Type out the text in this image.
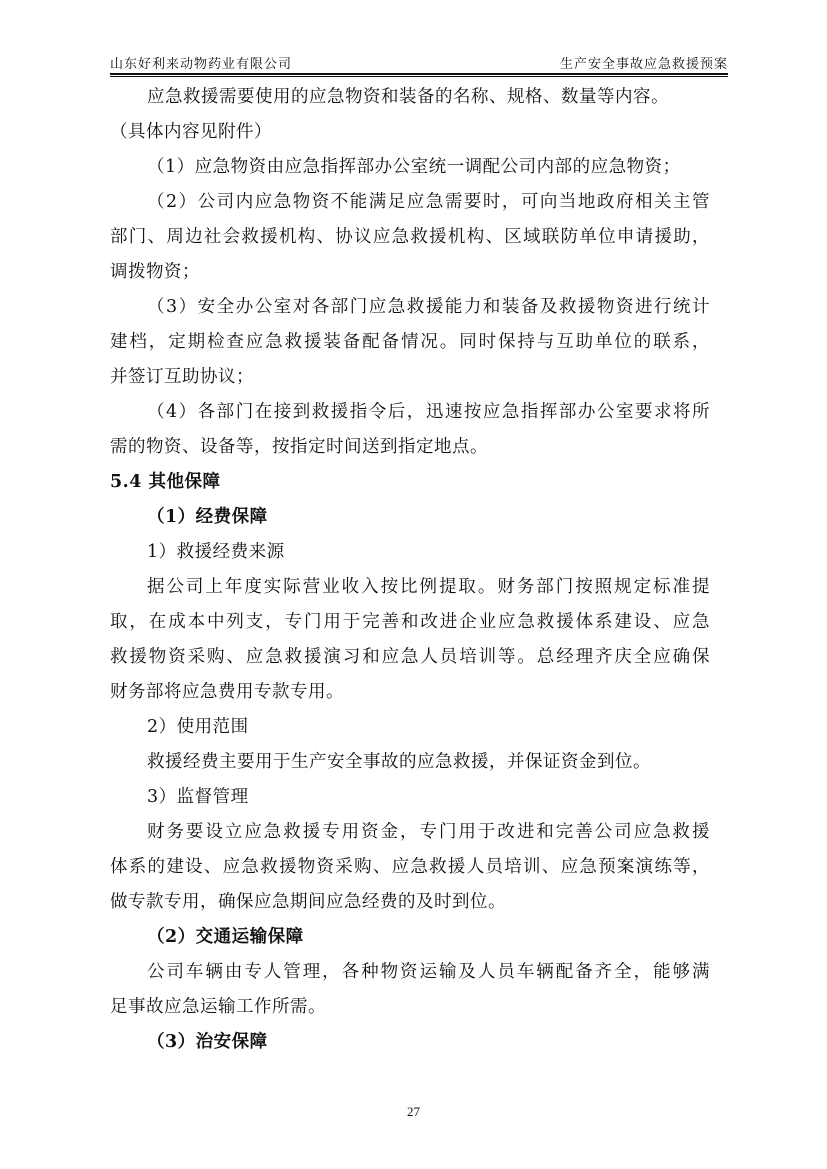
山东好利来动物药业有限公司	生产安全事故应急救援预案
应急救援需要使用的应急物资和装备的名称、规格、数量等内容。
（具体内容见附件）
（1）应急物资由应急指挥部办公室统一调配公司内部的应急物资；
（2）公司内应急物资不能满足应急需要时，可向当地政府相关主管
部门、周边社会救援机构、协议应急救援机构、区域联防单位申请援助，
调拨物资；
（3）安全办公室对各部门应急救援能力和装备及救援物资进行统计
建档，定期检查应急救援装备配备情况。同时保持与互助单位的联系，
并签订互助协议；
（4）各部门在接到救援指令后，迅速按应急指挥部办公室要求将所
需的物资、设备等，按指定时间送到指定地点。
5.4 其他保障
（1）经费保障
1）救援经费来源
据公司上年度实际营业收入按比例提取。财务部门按照规定标准提
取，在成本中列支，专门用于完善和改进企业应急救援体系建设、应急
救援物资采购、应急救援演习和应急人员培训等。总经理齐庆全应确保
财务部将应急费用专款专用。
2）使用范围
救援经费主要用于生产安全事故的应急救援，并保证资金到位。
3）监督管理
财务要设立应急救援专用资金，专门用于改进和完善公司应急救援
体系的建设、应急救援物资采购、应急救援人员培训、应急预案演练等，
做专款专用，确保应急期间应急经费的及时到位。
（2）交通运输保障
公司车辆由专人管理，各种物资运输及人员车辆配备齐全，能够满
足事故应急运输工作所需。
（3）治安保障
27
